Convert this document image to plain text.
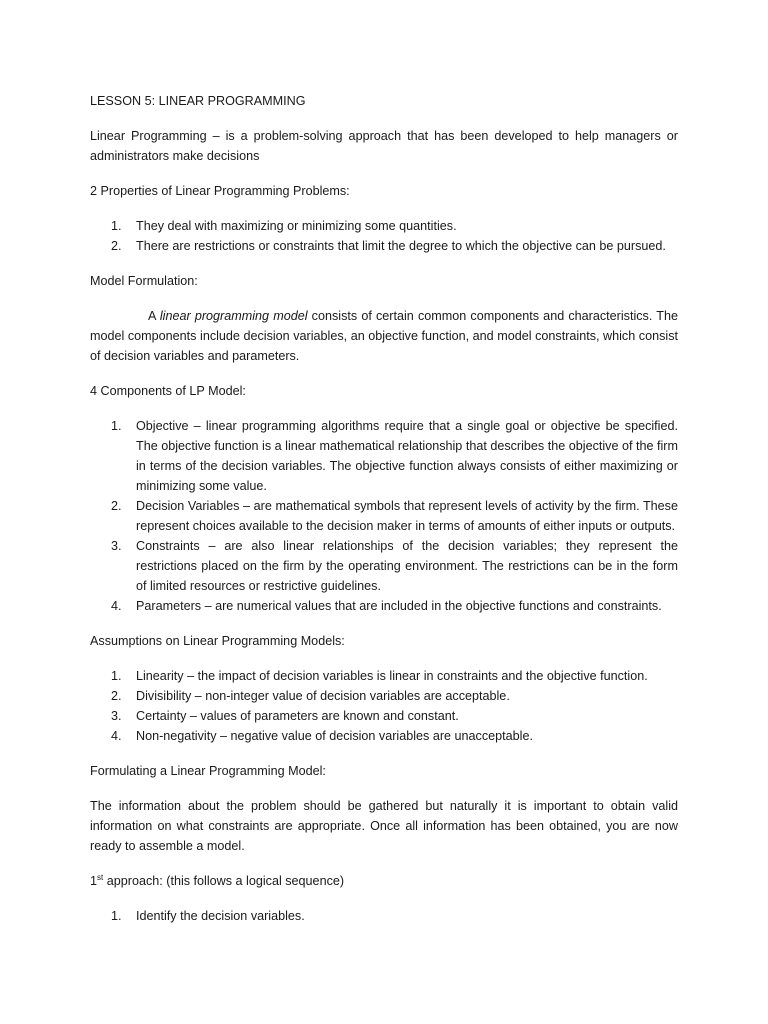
LESSON 5: LINEAR PROGRAMMING

Linear Programming – is a problem-solving approach that has been developed to help managers or administrators make decisions

2 Properties of Linear Programming Problems:

1. They deal with maximizing or minimizing some quantities.
2. There are restrictions or constraints that limit the degree to which the objective can be pursued.

Model Formulation:

A linear programming model consists of certain common components and characteristics. The model components include decision variables, an objective function, and model constraints, which consist of decision variables and parameters.

4 Components of LP Model:

1. Objective – linear programming algorithms require that a single goal or objective be specified. The objective function is a linear mathematical relationship that describes the objective of the firm in terms of the decision variables. The objective function always consists of either maximizing or minimizing some value.
2. Decision Variables – are mathematical symbols that represent levels of activity by the firm. These represent choices available to the decision maker in terms of amounts of either inputs or outputs.
3. Constraints – are also linear relationships of the decision variables; they represent the restrictions placed on the firm by the operating environment. The restrictions can be in the form of limited resources or restrictive guidelines.
4. Parameters – are numerical values that are included in the objective functions and constraints.

Assumptions on Linear Programming Models:

1. Linearity – the impact of decision variables is linear in constraints and the objective function.
2. Divisibility – non-integer value of decision variables are acceptable.
3. Certainty – values of parameters are known and constant.
4. Non-negativity – negative value of decision variables are unacceptable.

Formulating a Linear Programming Model:

The information about the problem should be gathered but naturally it is important to obtain valid information on what constraints are appropriate. Once all information has been obtained, you are now ready to assemble a model.

1st approach: (this follows a logical sequence)

1. Identify the decision variables.
